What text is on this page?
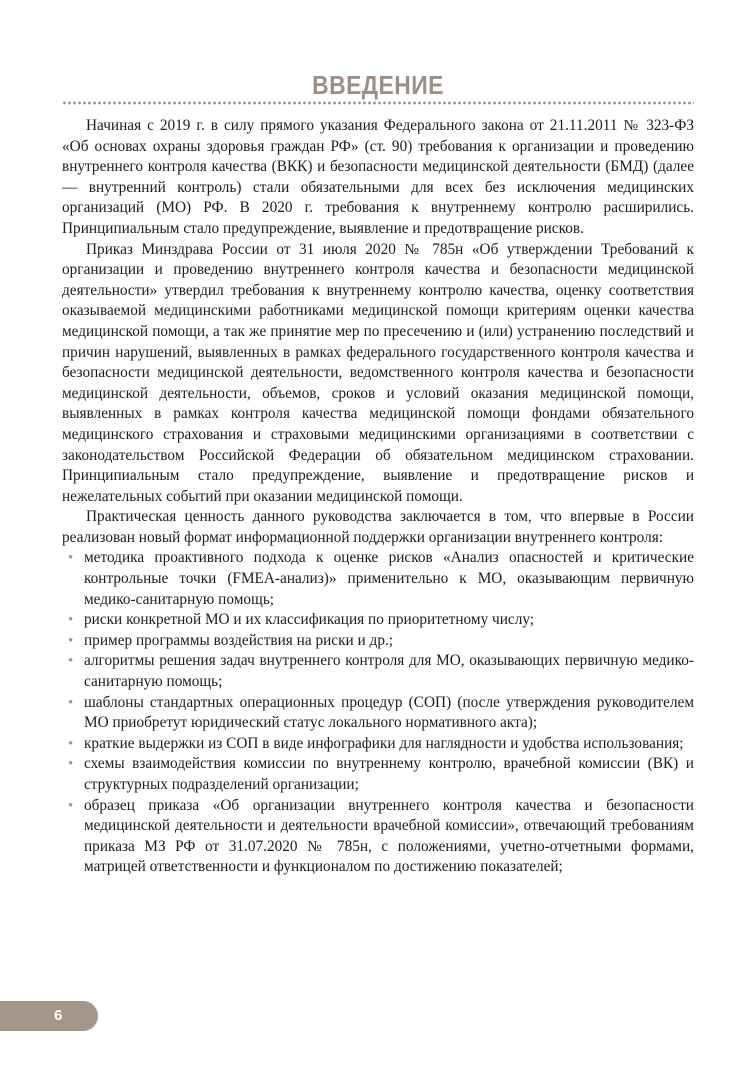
ВВЕДЕНИЕ

Начиная с 2019 г. в силу прямого указания Федерального закона от 21.11.2011 № 323-ФЗ «Об основах охраны здоровья граждан РФ» (ст. 90) требования к организации и проведению внутреннего контроля качества (ВКК) и безопасности медицинской деятельности (БМД) (далее — внутренний контроль) стали обязательными для всех без исключения медицинских организаций (МО) РФ. В 2020 г. требования к внутреннему контролю расширились. Принципиальным стало предупреждение, выявление и предотвращение рисков.

Приказ Минздрава России от 31 июля 2020 № 785н «Об утверждении Требований к организации и проведению внутреннего контроля качества и безопасности медицинской деятельности» утвердил требования к внутреннему контролю качества, оценку соответствия оказываемой медицинскими работниками медицинской помощи критериям оценки качества медицинской помощи, а так же принятие мер по пресечению и (или) устранению последствий и причин нарушений, выявленных в рамках федерального государственного контроля качества и безопасности медицинской деятельности, ведомственного контроля качества и безопасности медицинской деятельности, объемов, сроков и условий оказания медицинской помощи, выявленных в рамках контроля качества медицинской помощи фондами обязательного медицинского страхования и страховыми медицинскими организациями в соответствии с законодательством Российской Федерации об обязательном медицинском страховании. Принципиальным стало предупреждение, выявление и предотвращение рисков и нежелательных событий при оказании медицинской помощи.

Практическая ценность данного руководства заключается в том, что впервые в России реализован новый формат информационной поддержки организации внутреннего контроля:

• методика проактивного подхода к оценке рисков «Анализ опасностей и критические контрольные точки (FMEA-анализ)» применительно к МО, оказывающим первичную медико-санитарную помощь;
• риски конкретной МО и их классификация по приоритетному числу;
• пример программы воздействия на риски и др.;
• алгоритмы решения задач внутреннего контроля для МО, оказывающих первичную медико-санитарную помощь;
• шаблоны стандартных операционных процедур (СОП) (после утверждения руководителем МО приобретут юридический статус локального нормативного акта);
• краткие выдержки из СОП в виде инфографики для наглядности и удобства использования;
• схемы взаимодействия комиссии по внутреннему контролю, врачебной комиссии (ВК) и структурных подразделений организации;
• образец приказа «Об организации внутреннего контроля качества и безопасности медицинской деятельности и деятельности врачебной комиссии», отвечающий требованиям приказа МЗ РФ от 31.07.2020 № 785н, с положениями, учетно-отчетными формами, матрицей ответственности и функционалом по достижению показателей;
6
